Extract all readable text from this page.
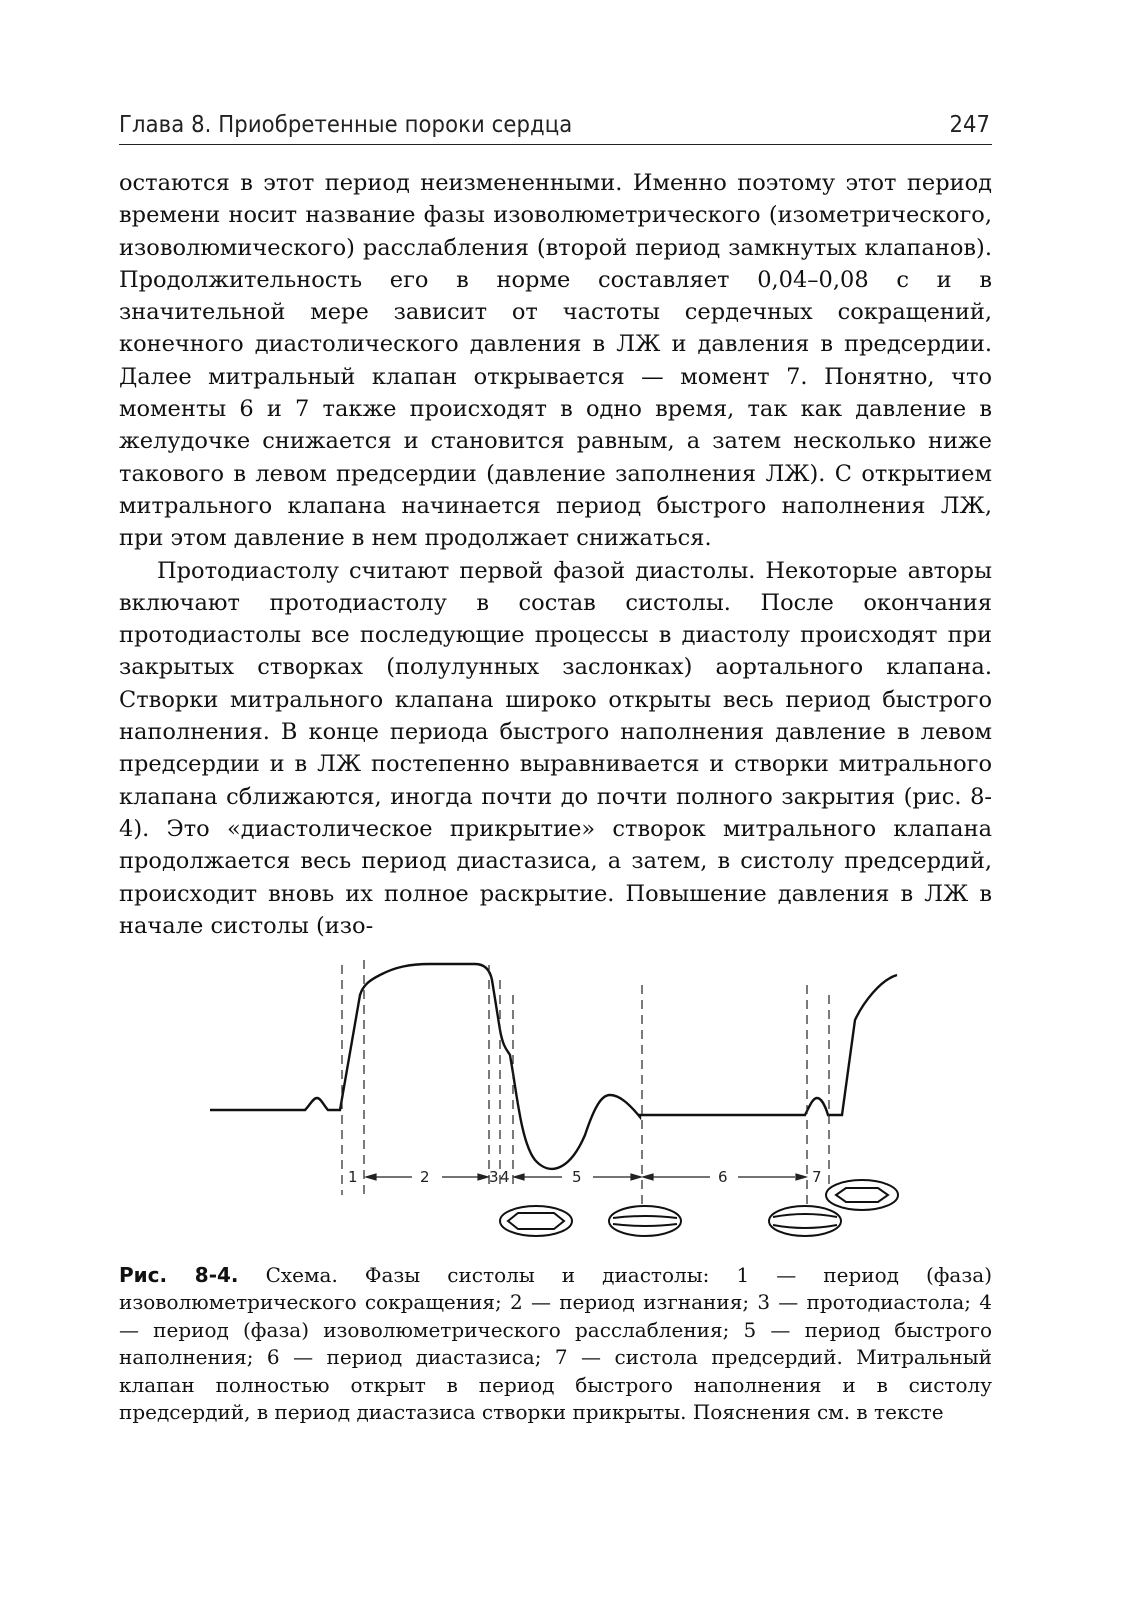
Глава 8. Приобретенные пороки сердца	247

остаются в этот период неизмененными. Именно поэтому этот период времени носит название фазы изоволюметрического (изометрического, изоволюмического) расслабления (второй период замкнутых клапанов). Продолжительность его в норме составляет 0,04–0,08 с и в значительной мере зависит от частоты сердечных сокращений, конечного диастолического давления в ЛЖ и давления в предсердии. Далее митральный клапан открывается — момент 7. Понятно, что моменты 6 и 7 также происходят в одно время, так как давление в желудочке снижается и становится равным, а затем несколько ниже такового в левом предсердии (давление заполнения ЛЖ). С открытием митрального клапана начинается период быстрого наполнения ЛЖ, при этом давление в нем продолжает снижаться.

Протодиастолу считают первой фазой диастолы. Некоторые авторы включают протодиастолу в состав систолы. После окончания протодиастолы все последующие процессы в диастолу происходят при закрытых створках (полулунных заслонках) аортального клапана. Створки митрального клапана широко открыты весь период быстрого наполнения. В конце периода быстрого наполнения давление в левом предсердии и в ЛЖ постепенно выравнивается и створки митрального клапана сближаются, иногда почти до почти полного закрытия (рис. 8-4). Это «диастолическое прикрытие» створок митрального клапана продолжается весь период диастазиса, а затем, в систолу предсердий, происходит вновь их полное раскрытие. Повышение давления в ЛЖ в начале систолы (изо-

1	2	3 4	5	6	7
Рис. 8-4. Схема. Фазы систолы и диастолы: 1 — период (фаза) изоволюметрического сокращения; 2 — период изгнания; 3 — протодиастола; 4 — период (фаза) изоволюметрического расслабления; 5 — период быстрого наполнения; 6 — период диастазиса; 7 — систола предсердий. Митральный клапан полностью открыт в период быстрого наполнения и в систолу предсердий, в период диастазиса створки прикрыты. Пояснения см. в тексте
